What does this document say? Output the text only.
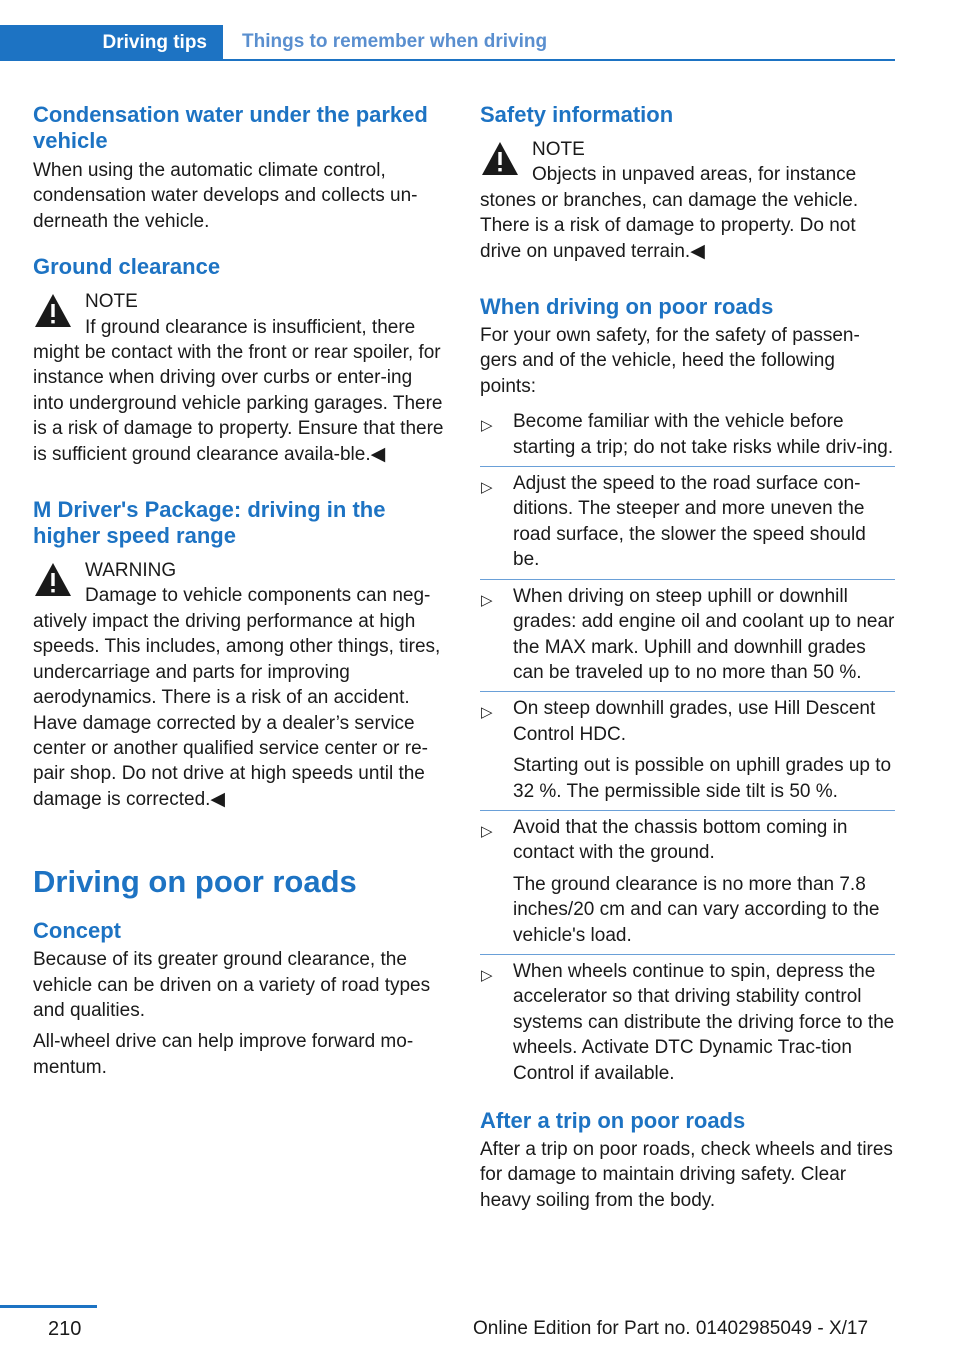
Driving tips	Things to remember when driving
Condensation water under the parked vehicle

When using the automatic climate control, condensation water develops and collects un-derneath the vehicle.

Ground clearance
NOTE

If ground clearance is insufficient, there might be contact with the front or rear spoiler, for instance when driving over curbs or enter-ing into underground vehicle parking garages. There is a risk of damage to property. Ensure that there is sufficient ground clearance availa-ble.◀

M Driver's Package: driving in the higher speed range
WARNING

Damage to vehicle components can neg-atively impact the driving performance at high speeds. This includes, among other things, tires, undercarriage and parts for improving aerodynamics. There is a risk of an accident. Have damage corrected by a dealer’s service center or another qualified service center or re-pair shop. Do not drive at high speeds until the damage is corrected.◀

Driving on poor roads
Concept

Because of its greater ground clearance, the vehicle can be driven on a variety of road types and qualities.

All-wheel drive can help improve forward mo-mentum.

Safety information
NOTE

Objects in unpaved areas, for instance stones or branches, can damage the vehicle. There is a risk of damage to property. Do not drive on unpaved terrain.◀

When driving on poor roads

For your own safety, for the safety of passen-gers and of the vehicle, heed the following points:

▷ Become familiar with the vehicle before starting a trip; do not take risks while driv-ing.

▷ Adjust the speed to the road surface con-ditions. The steeper and more uneven the road surface, the slower the speed should be.

▷ When driving on steep uphill or downhill grades: add engine oil and coolant up to near the MAX mark. Uphill and downhill grades can be traveled up to no more than 50 %.

▷ On steep downhill grades, use Hill Descent Control HDC.

Starting out is possible on uphill grades up to 32 %. The permissible side tilt is 50 %.

▷ Avoid that the chassis bottom coming in contact with the ground.

The ground clearance is no more than 7.8 inches/20 cm and can vary according to the vehicle's load.

▷ When wheels continue to spin, depress the accelerator so that driving stability control systems can distribute the driving force to the wheels. Activate DTC Dynamic Trac-tion Control if available.

After a trip on poor roads

After a trip on poor roads, check wheels and tires for damage to maintain driving safety. Clear heavy soiling from the body.

210	Online Edition for Part no. 01402985049 - X/17
